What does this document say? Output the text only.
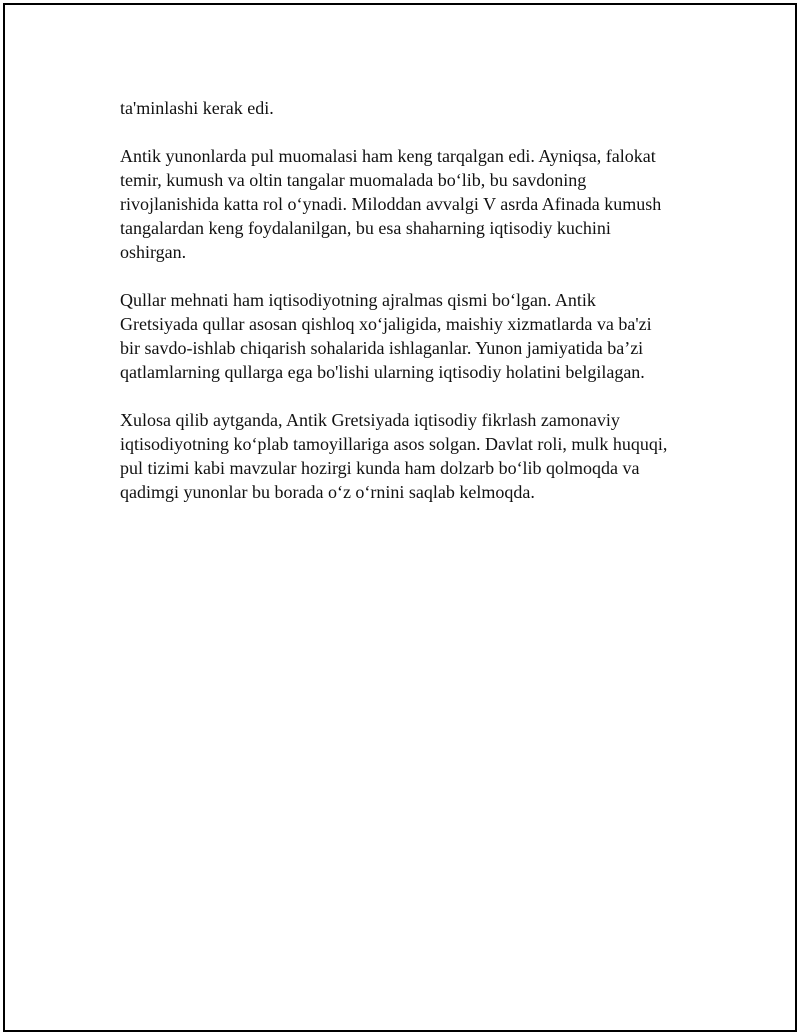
ta'minlashi kerak edi.

Antik yunonlarda pul muomalasi ham keng tarqalgan edi. Ayniqsa, falokat
temir, kumush va oltin tangalar muomalada bo‘lib, bu savdoning
rivojlanishida katta rol o‘ynadi. Miloddan avvalgi V asrda Afinada kumush
tangalardan keng foydalanilgan, bu esa shaharning iqtisodiy kuchini
oshirgan.

Qullar mehnati ham iqtisodiyotning ajralmas qismi bo‘lgan. Antik
Gretsiyada qullar asosan qishloq xo‘jaligida, maishiy xizmatlarda va ba'zi
bir savdo-ishlab chiqarish sohalarida ishlaganlar. Yunon jamiyatida ba’zi
qatlamlarning qullarga ega bo'lishi ularning iqtisodiy holatini belgilagan.

Xulosa qilib aytganda, Antik Gretsiyada iqtisodiy fikrlash zamonaviy
iqtisodiyotning ko‘plab tamoyillariga asos solgan. Davlat roli, mulk huquqi,
pul tizimi kabi mavzular hozirgi kunda ham dolzarb bo‘lib qolmoqda va
qadimgi yunonlar bu borada o‘z o‘rnini saqlab kelmoqda.
